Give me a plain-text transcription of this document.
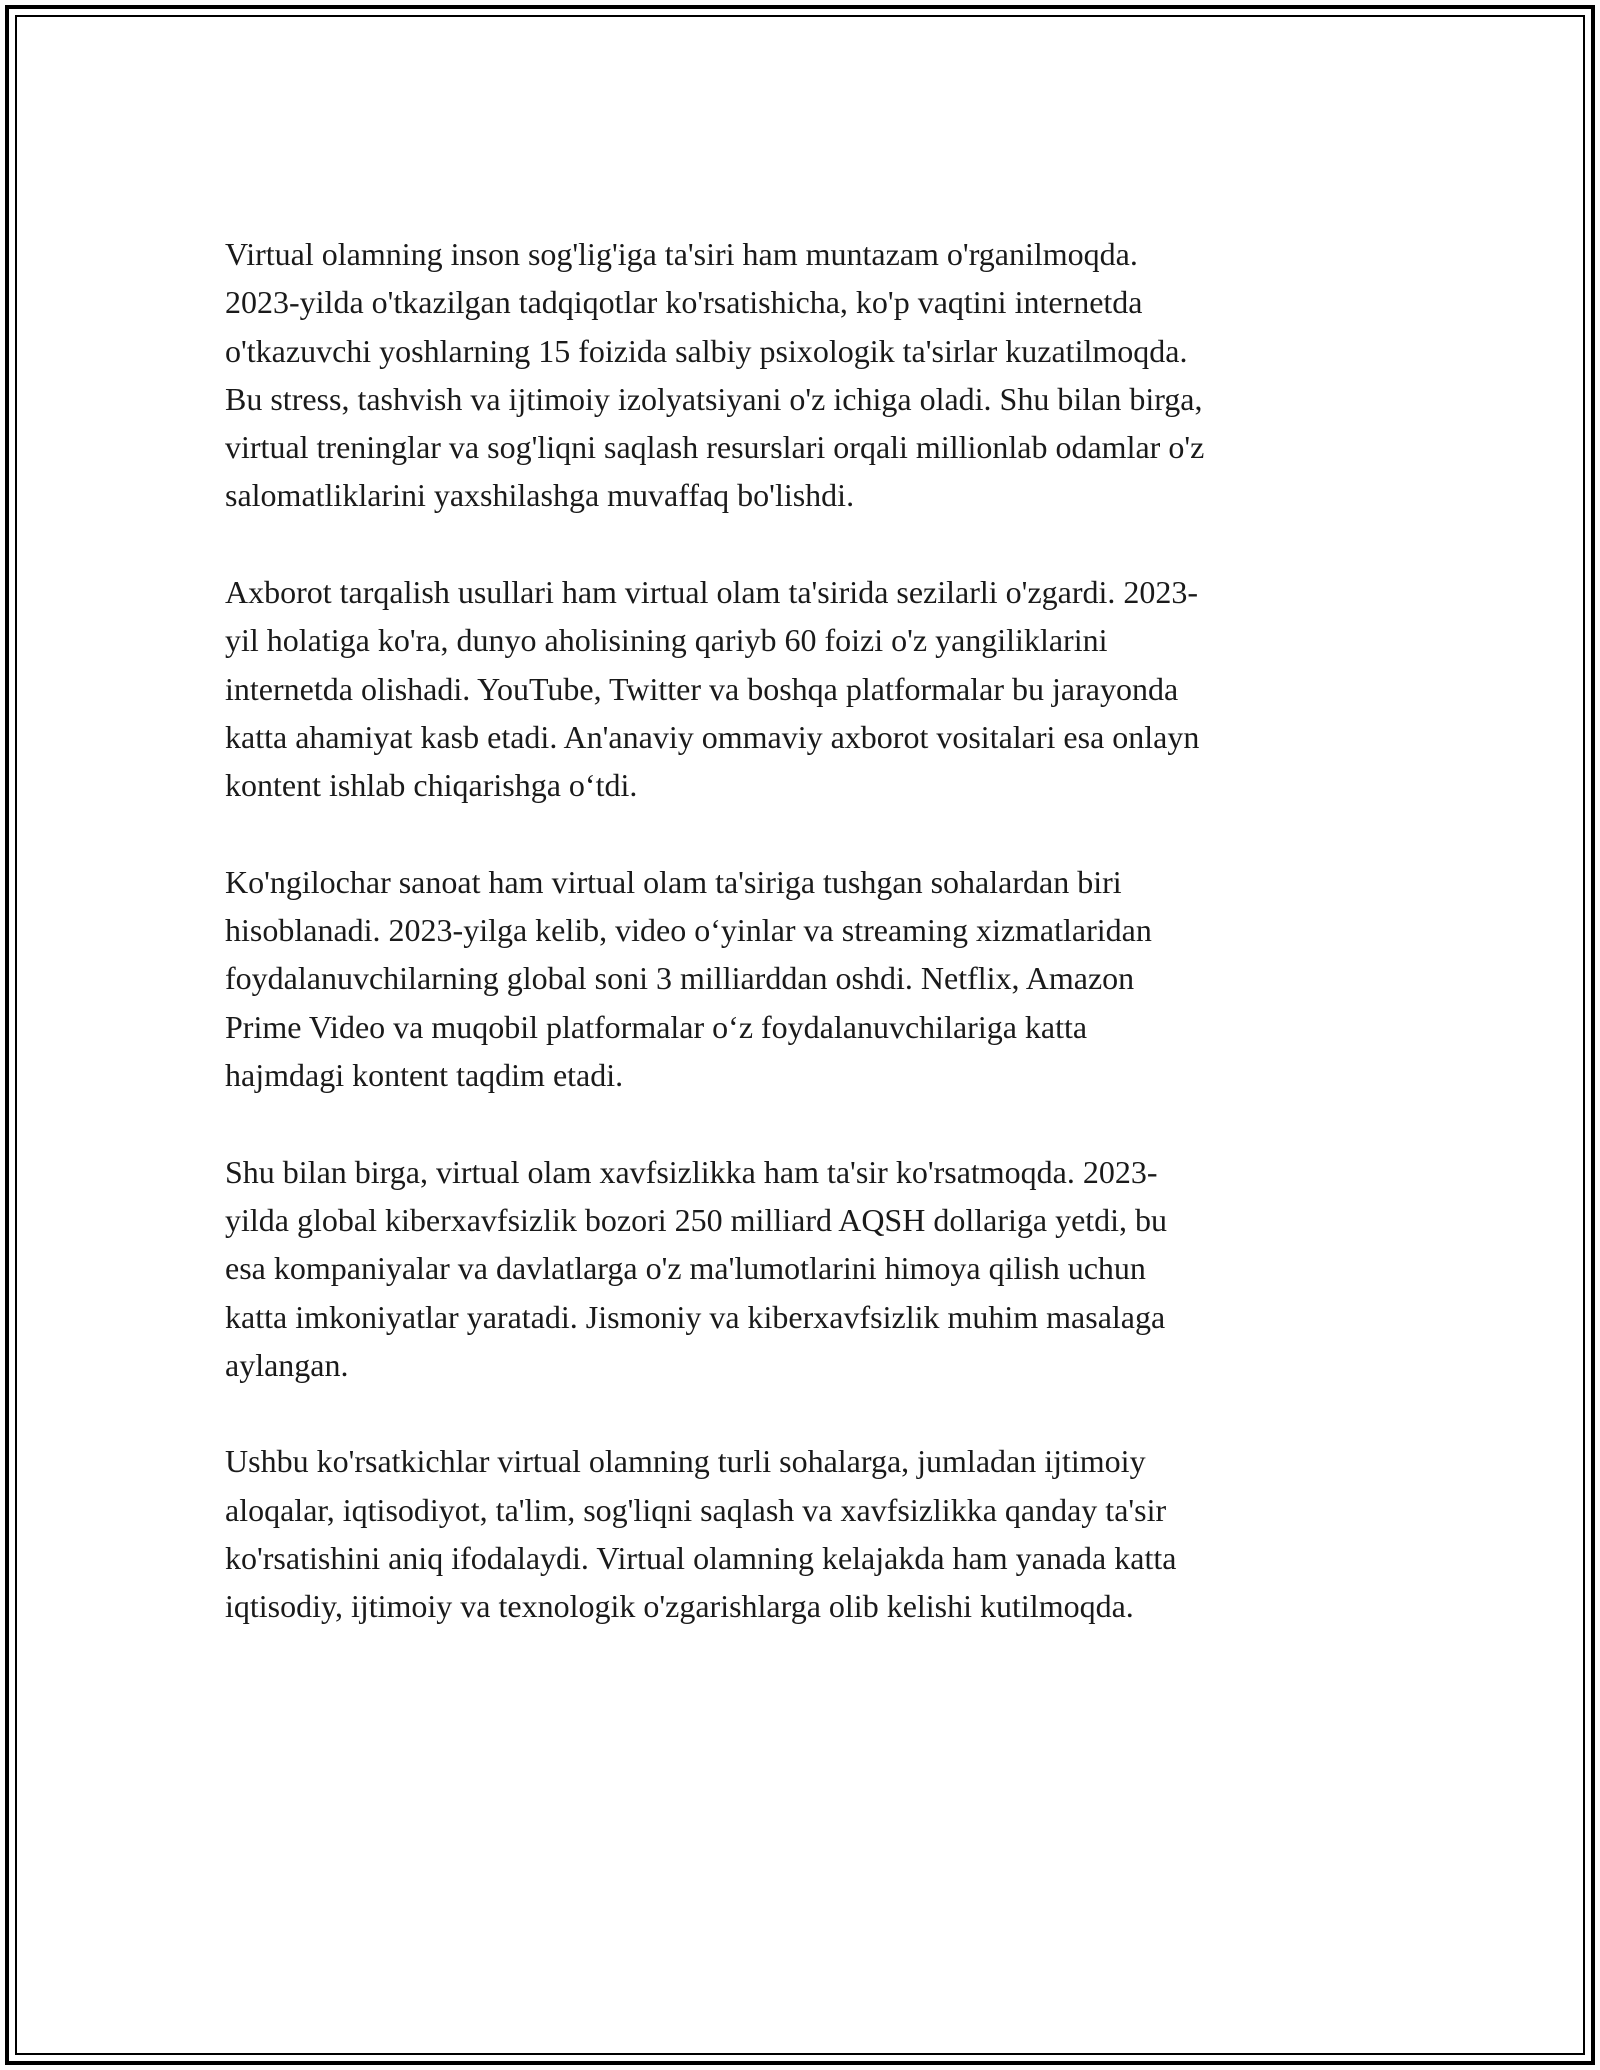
Virtual olamning inson sog'lig'iga ta'siri ham muntazam o'rganilmoqda.
2023-yilda o'tkazilgan tadqiqotlar ko'rsatishicha, ko'p vaqtini internetda
o'tkazuvchi yoshlarning 15 foizida salbiy psixologik ta'sirlar kuzatilmoqda.
Bu stress, tashvish va ijtimoiy izolyatsiyani o'z ichiga oladi. Shu bilan birga,
virtual treninglar va sog'liqni saqlash resurslari orqali millionlab odamlar o'z
salomatliklarini yaxshilashga muvaffaq bo'lishdi.

Axborot tarqalish usullari ham virtual olam ta'sirida sezilarli o'zgardi. 2023-
yil holatiga ko'ra, dunyo aholisining qariyb 60 foizi o'z yangiliklarini
internetda olishadi. YouTube, Twitter va boshqa platformalar bu jarayonda
katta ahamiyat kasb etadi. An'anaviy ommaviy axborot vositalari esa onlayn
kontent ishlab chiqarishga o‘tdi.

Ko'ngilochar sanoat ham virtual olam ta'siriga tushgan sohalardan biri
hisoblanadi. 2023-yilga kelib, video o‘yinlar va streaming xizmatlaridan
foydalanuvchilarning global soni 3 milliarddan oshdi. Netflix, Amazon
Prime Video va muqobil platformalar o‘z foydalanuvchilariga katta
hajmdagi kontent taqdim etadi.

Shu bilan birga, virtual olam xavfsizlikka ham ta'sir ko'rsatmoqda. 2023-
yilda global kiberxavfsizlik bozori 250 milliard AQSH dollariga yetdi, bu
esa kompaniyalar va davlatlarga o'z ma'lumotlarini himoya qilish uchun
katta imkoniyatlar yaratadi. Jismoniy va kiberxavfsizlik muhim masalaga
aylangan.

Ushbu ko'rsatkichlar virtual olamning turli sohalarga, jumladan ijtimoiy
aloqalar, iqtisodiyot, ta'lim, sog'liqni saqlash va xavfsizlikka qanday ta'sir
ko'rsatishini aniq ifodalaydi. Virtual olamning kelajakda ham yanada katta
iqtisodiy, ijtimoiy va texnologik o'zgarishlarga olib kelishi kutilmoqda.
